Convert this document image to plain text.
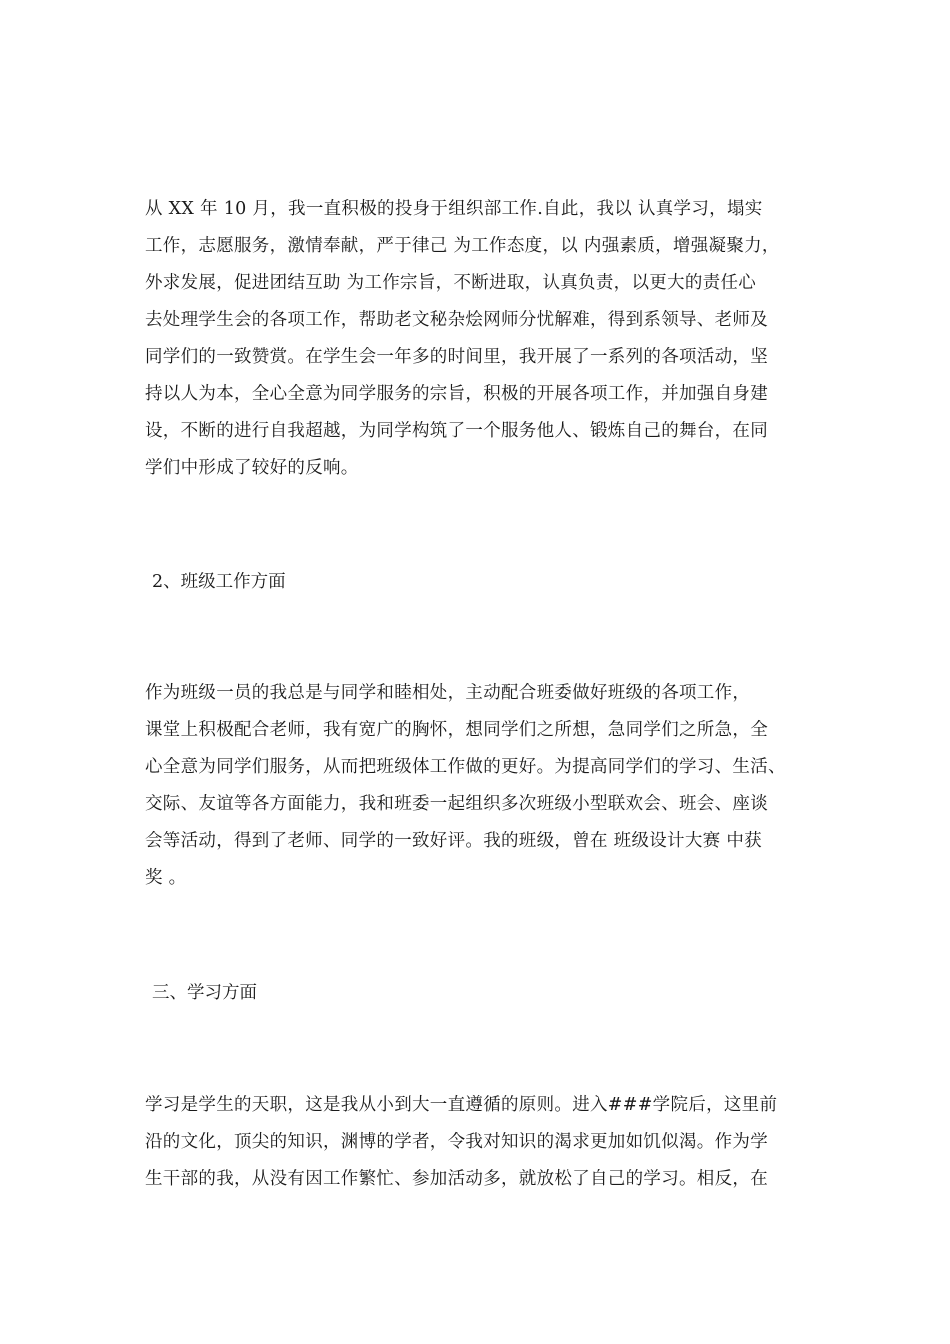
从 XX 年 10 月，我一直积极的投身于组织部工作.自此，我以 认真学习，塌实
工作，志愿服务，激情奉献，严于律己 为工作态度，以 内强素质，增强凝聚力，
外求发展，促进团结互助 为工作宗旨，不断进取，认真负责，以更大的责任心
去处理学生会的各项工作，帮助老文秘杂烩网师分忧解难，得到系领导、老师及
同学们的一致赞赏。在学生会一年多的时间里，我开展了一系列的各项活动，坚
持以人为本，全心全意为同学服务的宗旨，积极的开展各项工作，并加强自身建
设，不断的进行自我超越，为同学构筑了一个服务他人、锻炼自己的舞台，在同
学们中形成了较好的反响。
2、班级工作方面
作为班级一员的我总是与同学和睦相处，主动配合班委做好班级的各项工作，
课堂上积极配合老师，我有宽广的胸怀，想同学们之所想，急同学们之所急，全
心全意为同学们服务，从而把班级体工作做的更好。为提高同学们的学习、生活、
交际、友谊等各方面能力，我和班委一起组织多次班级小型联欢会、班会、座谈
会等活动，得到了老师、同学的一致好评。我的班级，曾在 班级设计大赛 中获
奖 。
三、学习方面
学习是学生的天职，这是我从小到大一直遵循的原则。进入###学院后，这里前
沿的文化，顶尖的知识，渊博的学者，令我对知识的渴求更加如饥似渴。作为学
生干部的我，从没有因工作繁忙、参加活动多，就放松了自己的学习。相反，在
